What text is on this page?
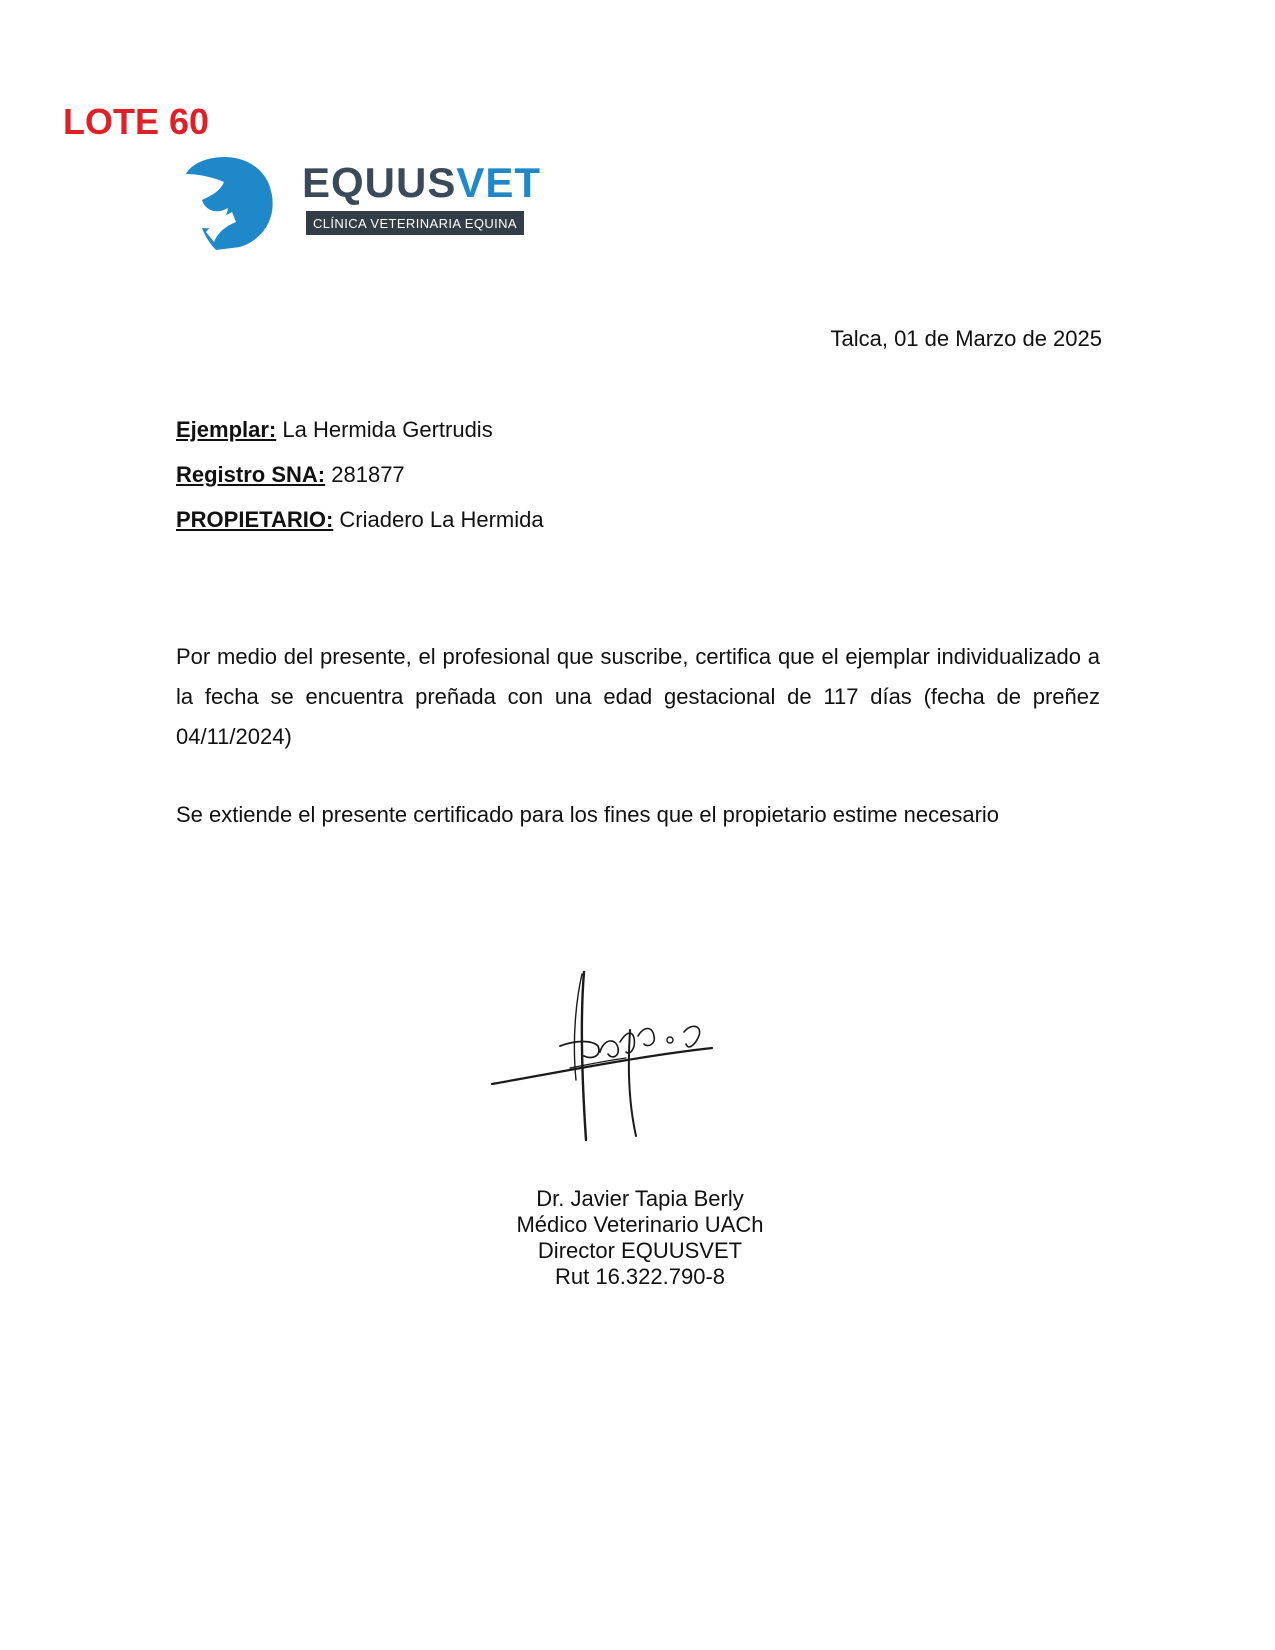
LOTE 60
EQUUSVET
CLÍNICA VETERINARIA EQUINA
Talca, 01 de Marzo de 2025
Ejemplar: La Hermida Gertrudis
Registro SNA: 281877
PROPIETARIO: Criadero La Hermida

Por medio del presente, el profesional que suscribe, certifica que el ejemplar individualizado a la fecha se encuentra preñada con una edad gestacional de 117 días (fecha de preñez 04/11/2024)

Se extiende el presente certificado para los fines que el propietario estime necesario

Dr. Javier Tapia Berly
Médico Veterinario UACh
Director EQUUSVET
Rut 16.322.790-8
